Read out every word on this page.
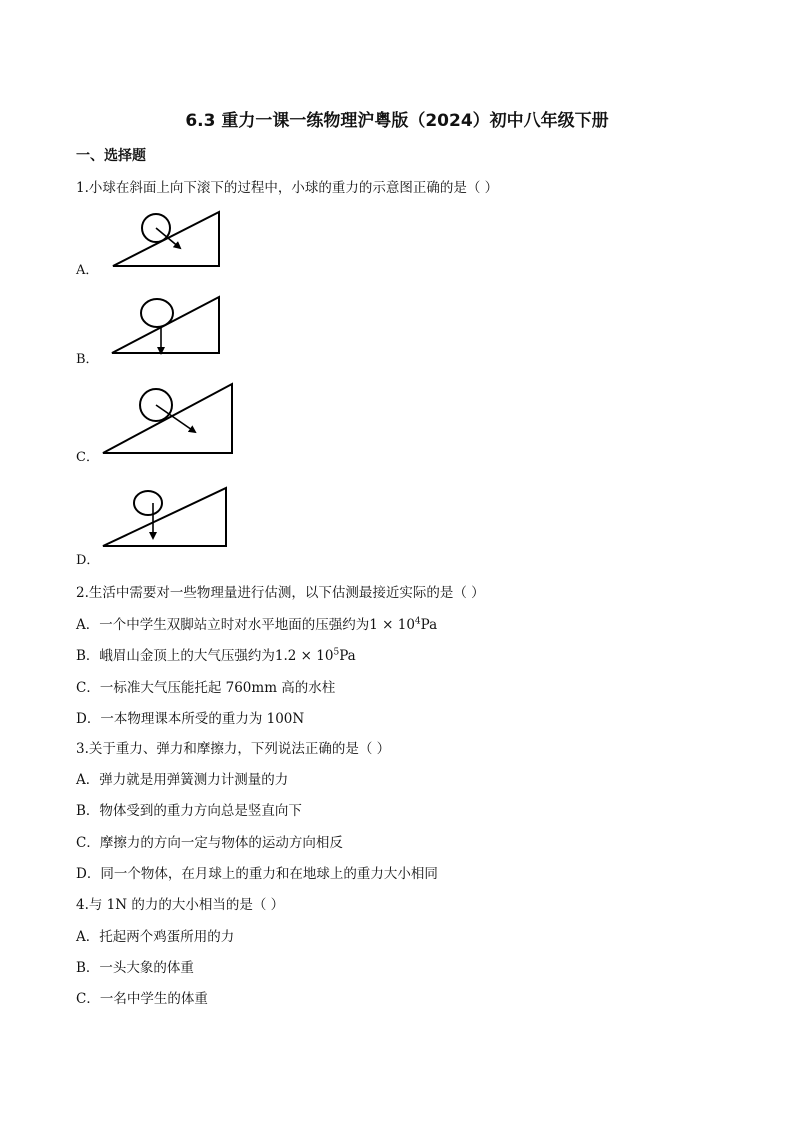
6.3 重力一课一练物理沪粤版（2024）初中八年级下册
一、选择题
1.小球在斜面上向下滚下的过程中，小球的重力的示意图正确的是（ ）
A．
B．
C．
D．
2.生活中需要对一些物理量进行估测，以下估测最接近实际的是（ ）
A．一个中学生双脚站立时对水平地面的压强约为$1 \times 10^4Pa$
B．峨眉山金顶上的大气压强约为$1.2 \times 10^5Pa$
C．一标准大气压能托起 760mm 高的水柱
D．一本物理课本所受的重力为 100N
3.关于重力、弹力和摩擦力，下列说法正确的是（ ）
A．弹力就是用弹簧测力计测量的力
B．物体受到的重力方向总是竖直向下
C．摩擦力的方向一定与物体的运动方向相反
D．同一个物体，在月球上的重力和在地球上的重力大小相同
4.与 1N 的力的大小相当的是（ ）
A．托起两个鸡蛋所用的力
B．一头大象的体重
C．一名中学生的体重
